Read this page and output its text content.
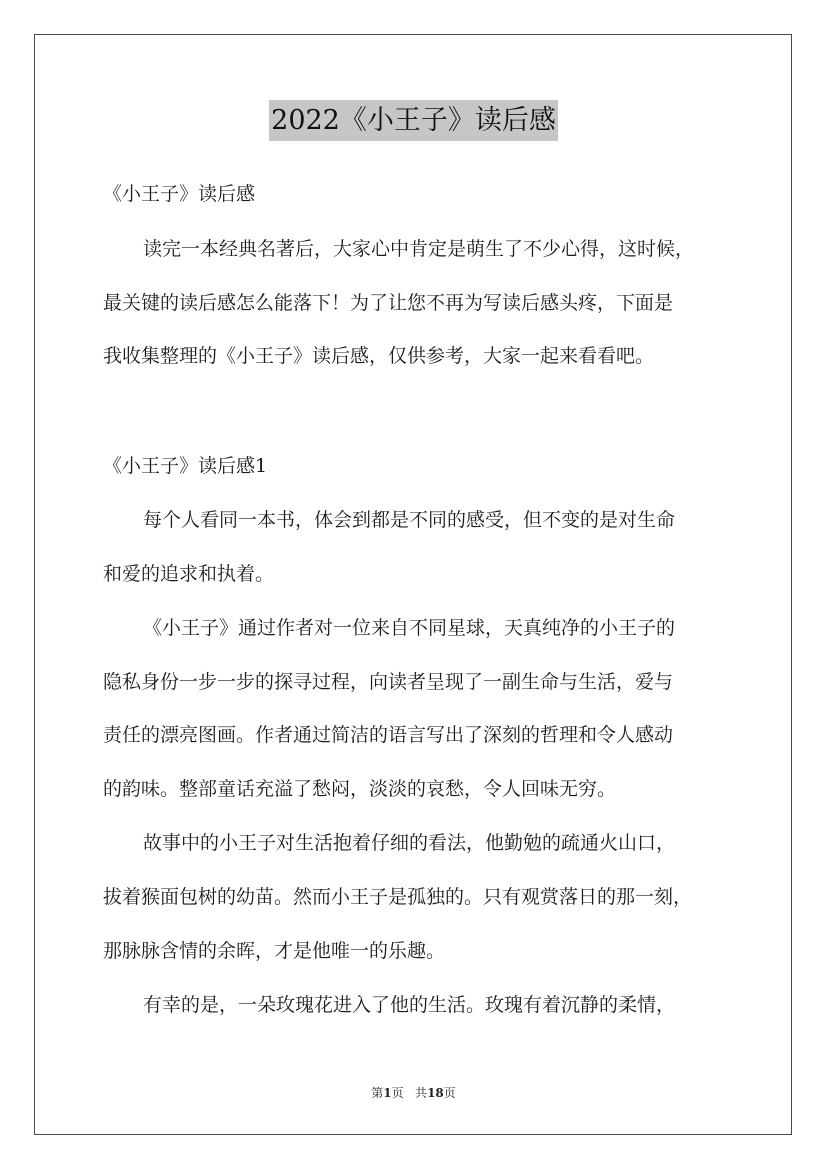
2022《小王子》读后感

《小王子》读后感

读完一本经典名著后，大家心中肯定是萌生了不少心得，这时候，

最关键的读后感怎么能落下！为了让您不再为写读后感头疼，下面是

我收集整理的《小王子》读后感，仅供参考，大家一起来看看吧。

《小王子》读后感1

每个人看同一本书，体会到都是不同的感受，但不变的是对生命

和爱的追求和执着。

《小王子》通过作者对一位来自不同星球，天真纯净的小王子的

隐私身份一步一步的探寻过程，向读者呈现了一副生命与生活，爱与

责任的漂亮图画。作者通过简洁的语言写出了深刻的哲理和令人感动

的韵味。整部童话充溢了愁闷，淡淡的哀愁，令人回味无穷。

故事中的小王子对生活抱着仔细的看法，他勤勉的疏通火山口，

拔着猴面包树的幼苗。然而小王子是孤独的。只有观赏落日的那一刻，

那脉脉含情的余晖，才是他唯一的乐趣。

有幸的是，一朵玫瑰花进入了他的生活。玫瑰有着沉静的柔情，

第1页 共18页
